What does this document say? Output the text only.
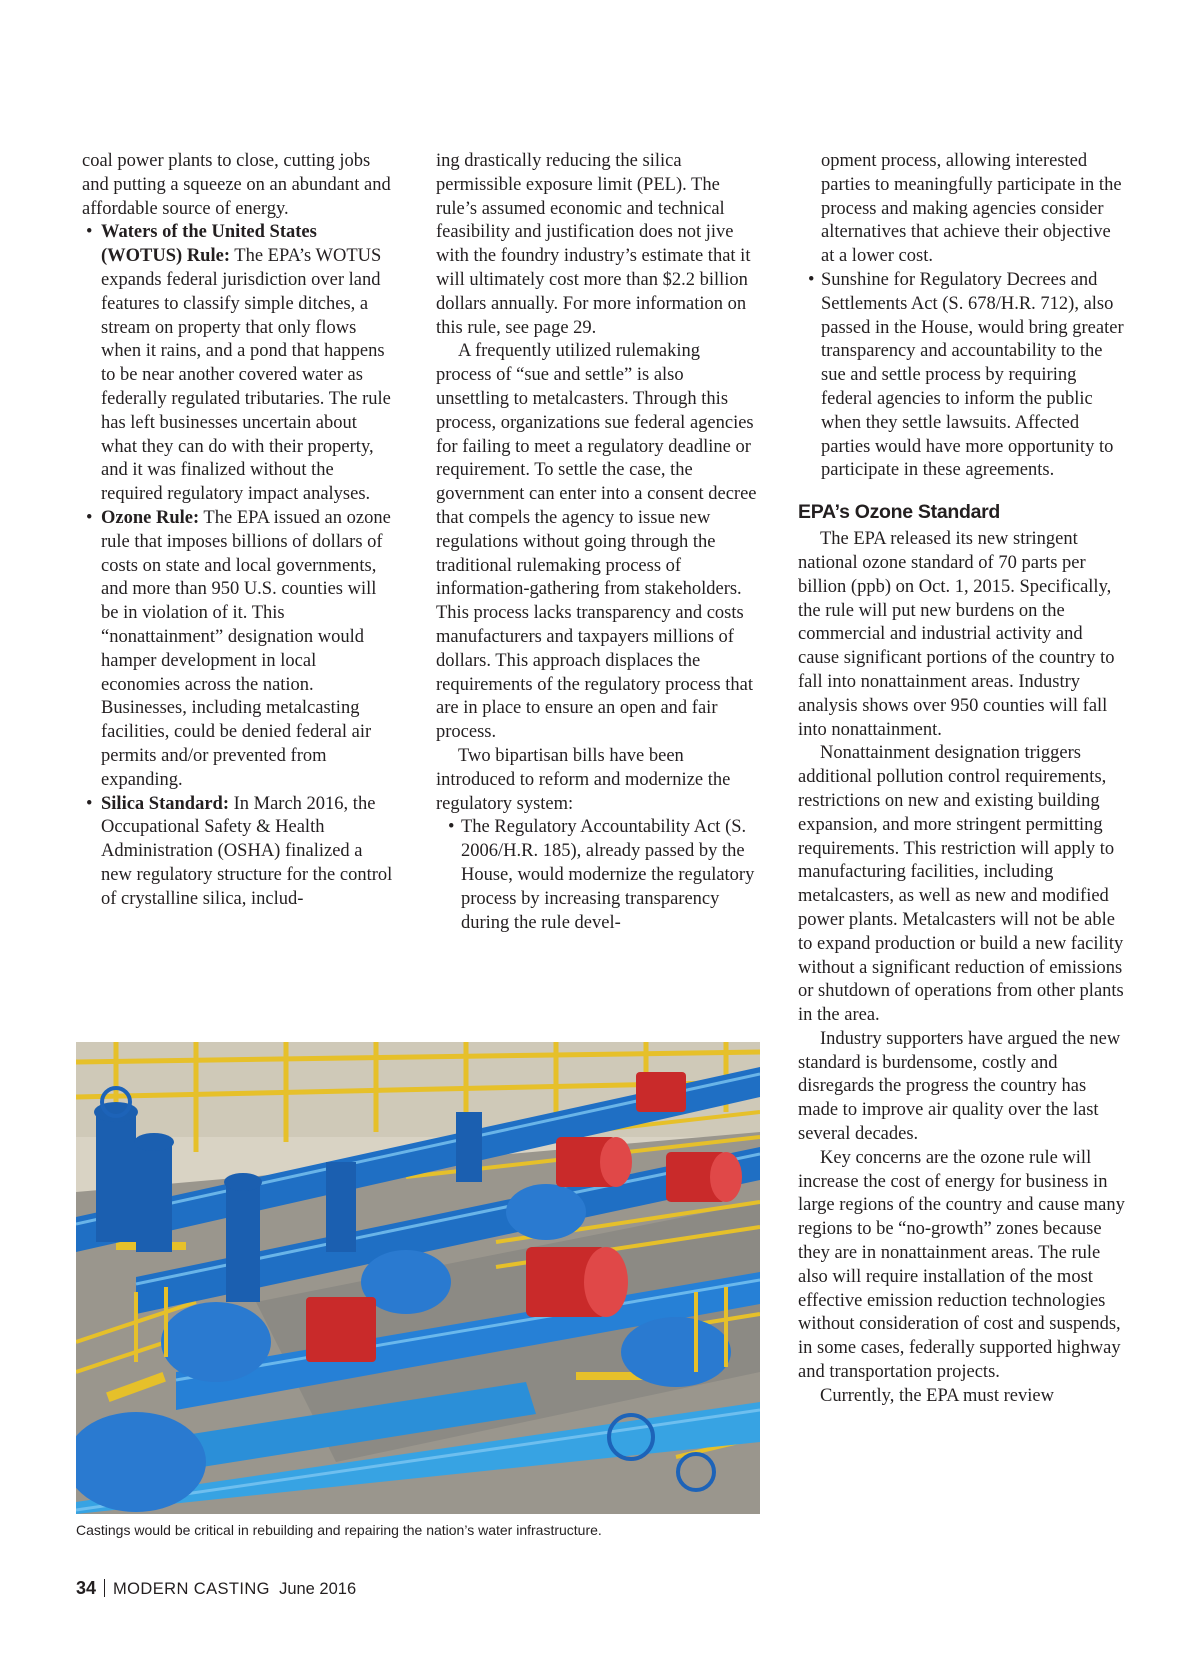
coal power plants to close, cutting jobs and putting a squeeze on an abundant and affordable source of energy.

• Waters of the United States (WOTUS) Rule: The EPA’s WOTUS expands federal jurisdiction over land features to classify simple ditches, a stream on property that only flows when it rains, and a pond that happens to be near another covered water as federally regulated tributaries. The rule has left businesses uncertain about what they can do with their property, and it was finalized without the required regulatory impact analyses.
• Ozone Rule: The EPA issued an ozone rule that imposes billions of dollars of costs on state and local governments, and more than 950 U.S. counties will be in violation of it. This “nonattainment” designation would hamper development in local economies across the nation. Businesses, including metalcasting facilities, could be denied federal air permits and/or prevented from expanding.
• Silica Standard: In March 2016, the Occupational Safety & Health Administration (OSHA) finalized a new regulatory structure for the control of crystalline silica, includ-

ing drastically reducing the silica permissible exposure limit (PEL). The rule’s assumed economic and technical feasibility and justification does not jive with the foundry industry’s estimate that it will ultimately cost more than $2.2 billion dollars annually. For more information on this rule, see page 29.

A frequently utilized rulemaking process of “sue and settle” is also unsettling to metalcasters. Through this process, organizations sue federal agencies for failing to meet a regulatory deadline or requirement. To settle the case, the government can enter into a consent decree that compels the agency to issue new regulations without going through the traditional rulemaking process of information-gathering from stakeholders. This process lacks transparency and costs manufacturers and taxpayers millions of dollars. This approach displaces the requirements of the regulatory process that are in place to ensure an open and fair process.

Two bipartisan bills have been introduced to reform and modernize the regulatory system:

• The Regulatory Accountability Act (S. 2006/H.R. 185), already passed by the House, would modernize the regulatory process by increasing transparency during the rule devel-

opment process, allowing interested parties to meaningfully participate in the process and making agencies consider alternatives that achieve their objective at a lower cost.

• Sunshine for Regulatory Decrees and Settlements Act (S. 678/H.R. 712), also passed in the House, would bring greater transparency and accountability to the sue and settle process by requiring federal agencies to inform the public when they settle lawsuits. Affected parties would have more opportunity to participate in these agreements.
EPA’s Ozone Standard

The EPA released its new stringent national ozone standard of 70 parts per billion (ppb) on Oct. 1, 2015. Specifically, the rule will put new burdens on the commercial and industrial activity and cause significant portions of the country to fall into nonattainment areas. Industry analysis shows over 950 counties will fall into nonattainment.

Nonattainment designation triggers additional pollution control requirements, restrictions on new and existing building expansion, and more stringent permitting requirements. This restriction will apply to manufacturing facilities, including metalcasters, as well as new and modified power plants. Metalcasters will not be able to expand production or build a new facility without a significant reduction of emissions or shutdown of operations from other plants in the area.

Industry supporters have argued the new standard is burdensome, costly and disregards the progress the country has made to improve air quality over the last several decades.

Key concerns are the ozone rule will increase the cost of energy for business in large regions of the country and cause many regions to be “no-growth” zones because they are in nonattainment areas. The rule also will require installation of the most effective emission reduction technologies without consideration of cost and suspends, in some cases, federally supported highway and transportation projects.

Currently, the EPA must review

Castings would be critical in rebuilding and repairing the nation’s water infrastructure.
34 MODERN CASTING June 2016
